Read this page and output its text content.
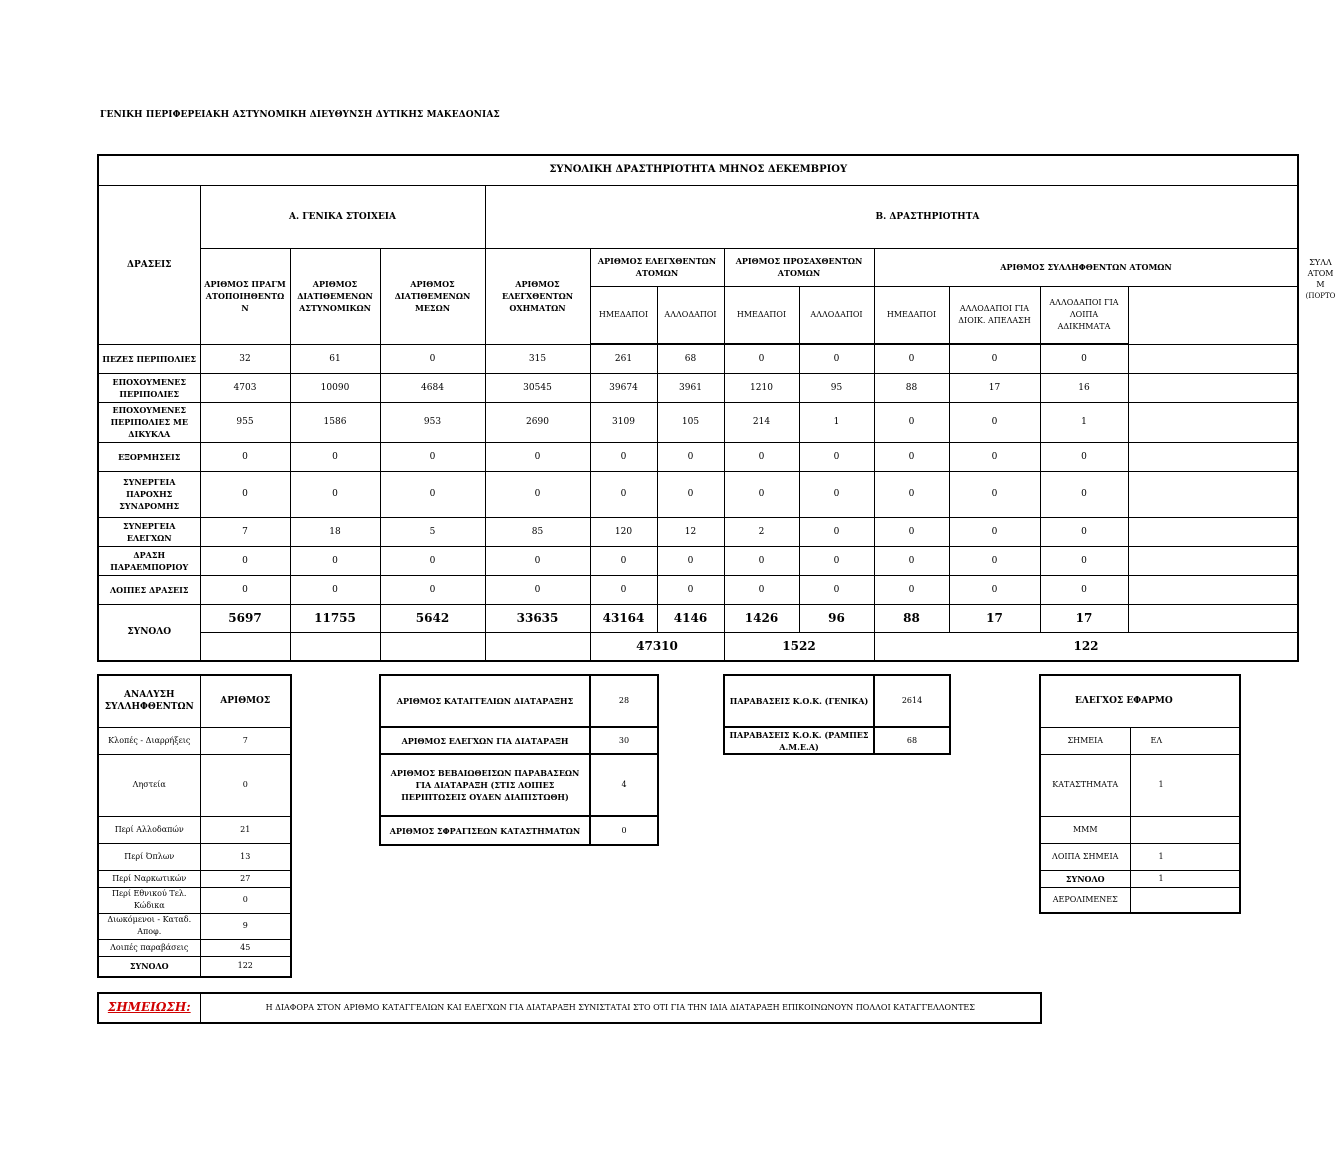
ΓΕΝΙΚΗ ΠΕΡΙΦΕΡΕΙΑΚΗ ΑΣΤΥΝΟΜΙΚΗ ΔΙΕΥΘΥΝΣΗ ΔΥΤΙΚΗΣ ΜΑΚΕΔΟΝΙΑΣ
ΣΥΝΟΛΙΚΗ ΔΡΑΣΤΗΡΙΟΤΗΤΑ ΜΗΝΟΣ ΔΕΚΕΜΒΡΙΟΥ													
ΔΡΑΣΕΙΣ	Α. ΓΕΝΙΚΑ ΣΤΟΙΧΕΙΑ			Β. ΔΡΑΣΤΗΡΙΟΤΗΤΑ									
	ΑΡΙΘΜΟΣ ΠΡΑΓΜΑΤΟΠΟΙΗΘΕΝΤΩΝ	ΑΡΙΘΜΟΣ ΔΙΑΤΙΘΕΜΕΝΩΝ ΑΣΤΥΝΟΜΙΚΩΝ	ΑΡΙΘΜΟΣ ΔΙΑΤΙΘΕΜΕΝΩΝ ΜΕΣΩΝ	ΑΡΙΘΜΟΣ ΕΛΕΓΧΘΕΝΤΩΝ ΟΧΗΜΑΤΩΝ	ΑΡΙΘΜΟΣ ΕΛΕΓΧΘΕΝΤΩΝ ΑΤΟΜΩΝ		ΑΡΙΘΜΟΣ ΠΡΟΣΑΧΘΕΝΤΩΝ ΑΤΟΜΩΝ		ΑΡΙΘΜΟΣ ΣΥΛΛΗΦΘΕΝΤΩΝ ΑΤΟΜΩΝ				ΣΥΛΛ
ΑΤΟΜ
Μ
(ΠΟΡΤΟ

					ΗΜΕΔΑΠΟΙ	ΑΛΛΟΔΑΠΟΙ	ΗΜΕΔΑΠΟΙ	ΑΛΛΟΔΑΠΟΙ	ΗΜΕΔΑΠΟΙ	ΑΛΛΟΔΑΠΟΙ ΓΙΑ ΔΙΟΙΚ. ΑΠΕΛΑΣΗ	ΑΛΛΟΔΑΠΟΙ ΓΙΑ ΛΟΙΠΑ ΑΔΙΚΗΜΑΤΑ		
ΠΕΖΕΣ ΠΕΡΙΠΟΛΙΕΣ	32	61	0	315	261	68	0	0	0	0	0		
ΕΠΟΧΟΥΜΕΝΕΣ ΠΕΡΙΠΟΛΙΕΣ	4703	10090	4684	30545	39674	3961	1210	95	88	17	16		
ΕΠΟΧΟΥΜΕΝΕΣ ΠΕΡΙΠΟΛΙΕΣ ΜΕ ΔΙΚΥΚΛΑ	955	1586	953	2690	3109	105	214	1	0	0	1		
ΕΞΟΡΜΗΣΕΙΣ	0	0	0	0	0	0	0	0	0	0	0		
ΣΥΝΕΡΓΕΙΑ ΠΑΡΟΧΗΣ ΣΥΝΔΡΟΜΗΣ	0	0	0	0	0	0	0	0	0	0	0		
ΣΥΝΕΡΓΕΙΑ ΕΛΕΓΧΩΝ	7	18	5	85	120	12	2	0	0	0	0		
ΔΡΑΣΗ ΠΑΡΑΕΜΠΟΡΙΟΥ	0	0	0	0	0	0	0	0	0	0	0		
ΛΟΙΠΕΣ ΔΡΑΣΕΙΣ	0	0	0	0	0	0	0	0	0	0	0		
ΣΥΝΟΛΟ	5697	11755	5642	33635	43164	4146	1426	96	88	17	17		
					47310		1522		122				
ΑΝΑΛΥΣΗ ΣΥΛΛΗΦΘΕΝΤΩΝ	ΑΡΙΘΜΟΣ
Κλοπές - Διαρρήξεις	7
Ληστεία	0
Περί Αλλοδαπών	21
Περί Όπλων	13
Περί Ναρκωτικών	27
Περί Εθνικού Τελ. Κώδικα	0
Διωκόμενοι - Καταδ. Αποφ.	9
Λοιπές παραβάσεις	45
ΣΥΝΟΛΟ	122
ΑΡΙΘΜΟΣ ΚΑΤΑΓΓΕΛΙΩΝ ΔΙΑΤΑΡΑΞΗΣ	28
ΑΡΙΘΜΟΣ ΕΛΕΓΧΩΝ ΓΙΑ ΔΙΑΤΑΡΑΞΗ	30
ΑΡΙΘΜΟΣ ΒΕΒΑΙΩΘΕΙΣΩΝ ΠΑΡΑΒΑΣΕΩΝ ΓΙΑ ΔΙΑΤΑΡΑΞΗ (ΣΤΙΣ ΛΟΙΠΕΣ ΠΕΡΙΠΤΩΣΕΙΣ ΟΥΔΕΝ ΔΙΑΠΙΣΤΩΘΗ)	4
ΑΡΙΘΜΟΣ ΣΦΡΑΓΙΣΕΩΝ ΚΑΤΑΣΤΗΜΑΤΩΝ	0
ΠΑΡΑΒΑΣΕΙΣ Κ.Ο.Κ. (ΓΕΝΙΚΑ)	2614
ΠΑΡΑΒΑΣΕΙΣ Κ.Ο.Κ. (ΡΑΜΠΕΣ Α.Μ.Ε.Α)	68
ΕΛΕΓΧΟΣ ΕΦΑΡΜΟ	
ΣΗΜΕΙΑ	ΕΛ
ΚΑΤΑΣΤΗΜΑΤΑ	1
ΜΜΜ	
ΛΟΙΠΑ ΣΗΜΕΙΑ	1
ΣΥΝΟΛΟ	1
ΑΕΡΟΛΙΜΕΝΕΣ	
ΣΗΜΕΙΩΣΗ:	Η ΔΙΑΦΟΡΑ ΣΤΟΝ ΑΡΙΘΜΟ ΚΑΤΑΓΓΕΛΙΩΝ ΚΑΙ ΕΛΕΓΧΩΝ ΓΙΑ ΔΙΑΤΑΡΑΞΗ ΣΥΝΙΣΤΑΤΑΙ ΣΤΟ ΟΤΙ ΓΙΑ ΤΗΝ ΙΔΙΑ ΔΙΑΤΑΡΑΞΗ ΕΠΙΚΟΙΝΩΝΟΥΝ ΠΟΛΛΟΙ ΚΑΤΑΓΓΕΛΛΟΝΤΕΣ
